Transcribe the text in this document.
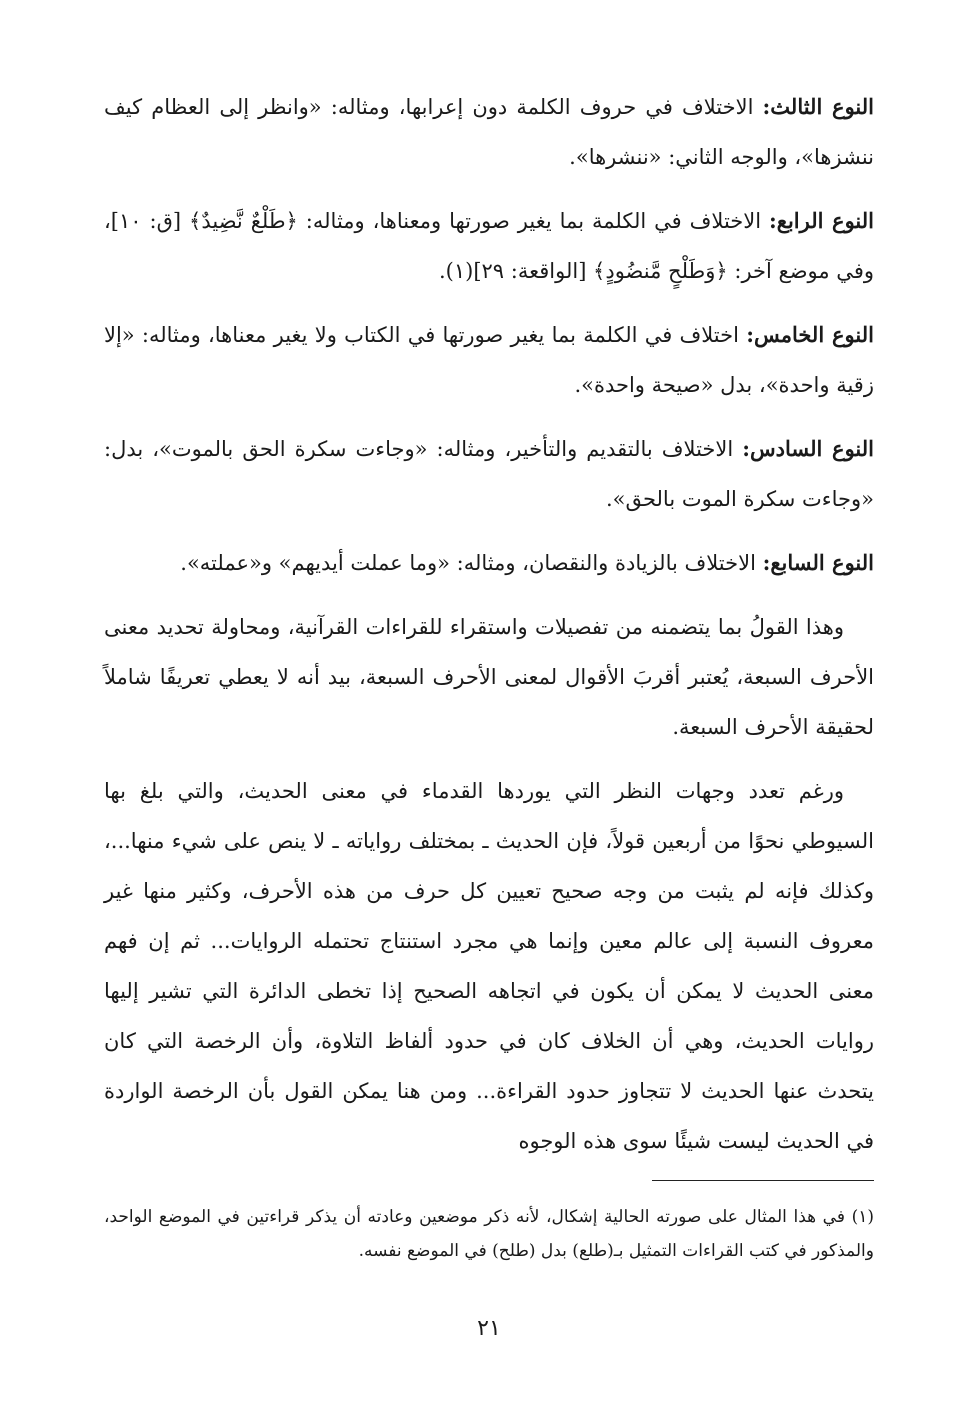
النوع الثالث: الاختلاف في حروف الكلمة دون إعرابها، ومثاله: «وانظر إلى العظام كيف ننشزها»، والوجه الثاني: «ننشرها».

النوع الرابع: الاختلاف في الكلمة بما يغير صورتها ومعناها، ومثاله: ﴿طَلْعٌ نَّضِيدٌ﴾ [ق: ١٠]، وفي موضع آخر: ﴿وَطَلْحٍ مَّنضُودٍ﴾ [الواقعة: ٢٩](١).

النوع الخامس: اختلاف في الكلمة بما يغير صورتها في الكتاب ولا يغير معناها، ومثاله: «إلا زقية واحدة»، بدل «صيحة واحدة».

النوع السادس: الاختلاف بالتقديم والتأخير، ومثاله: «وجاءت سكرة الحق بالموت»، بدل: «وجاءت سكرة الموت بالحق».

النوع السابع: الاختلاف بالزيادة والنقصان، ومثاله: «وما عملت أيديهم» و«عملته».

وهذا القولُ بما يتضمنه من تفصيلات واستقراء للقراءات القرآنية، ومحاولة تحديد معنى الأحرف السبعة، يُعتبر أقربَ الأقوال لمعنى الأحرف السبعة، بيد أنه لا يعطي تعريفًا شاملاً لحقيقة الأحرف السبعة.

ورغم تعدد وجهات النظر التي يوردها القدماء في معنى الحديث، والتي بلغ بها السيوطي نحوًا من أربعين قولاً، فإن الحديث ـ بمختلف رواياته ـ لا ينص على شيء منها...، وكذلك فإنه لم يثبت من وجه صحيح تعيين كل حرف من هذه الأحرف، وكثير منها غير معروف النسبة إلى عالم معين وإنما هي مجرد استنتاج تحتمله الروايات... ثم إن فهم معنى الحديث لا يمكن أن يكون في اتجاهه الصحيح إذا تخطى الدائرة التي تشير إليها روايات الحديث، وهي أن الخلاف كان في حدود ألفاظ التلاوة، وأن الرخصة التي كان يتحدث عنها الحديث لا تتجاوز حدود القراءة... ومن هنا يمكن القول بأن الرخصة الواردة في الحديث ليست شيئًا سوى هذه الوجوه

(١) في هذا المثال على صورته الحالية إشكال، لأنه ذكر موضعين وعادته أن يذكر قراءتين في الموضع الواحد، والمذكور في كتب القراءات التمثيل بـ(طلع) بدل (طلح) في الموضع نفسه.
٢١
